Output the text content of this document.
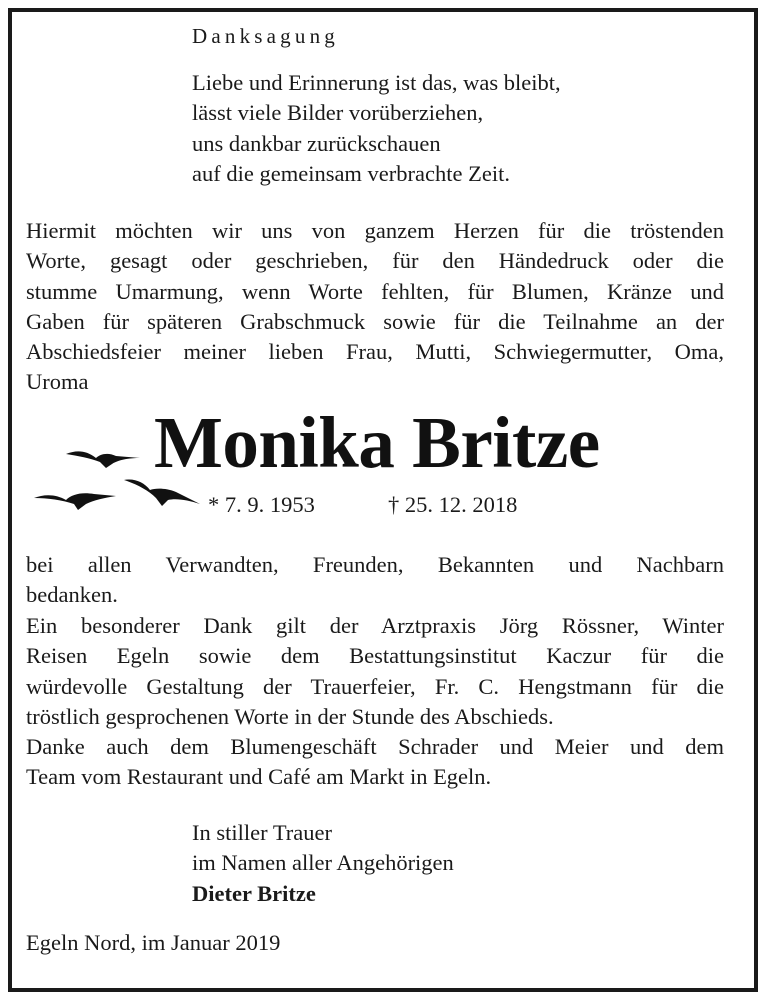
Danksagung
Liebe und Erinnerung ist das, was bleibt,
lässt viele Bilder vorüberziehen,
uns dankbar zurückschauen
auf die gemeinsam verbrachte Zeit.
Hiermit möchten wir uns von ganzem Herzen für die tröstenden
Worte, gesagt oder geschrieben, für den Händedruck oder die
stumme Umarmung, wenn Worte fehlten, für Blumen, Kränze und
Gaben für späteren Grabschmuck sowie für die Teilnahme an der
Abschiedsfeier meiner lieben Frau, Mutti, Schwiegermutter, Oma,
Uroma
Monika Britze
* 7. 9. 1953	† 25. 12. 2018
bei allen Verwandten, Freunden, Bekannten und Nachbarn
bedanken.
Ein besonderer Dank gilt der Arztpraxis Jörg Rössner, Winter
Reisen Egeln sowie dem Bestattungsinstitut Kaczur für die
würdevolle Gestaltung der Trauerfeier, Fr. C. Hengstmann für die
tröstlich gesprochenen Worte in der Stunde des Abschieds.
Danke auch dem Blumengeschäft Schrader und Meier und dem
Team vom Restaurant und Café am Markt in Egeln.
In stiller Trauer
im Namen aller Angehörigen
Dieter Britze
Egeln Nord, im Januar 2019
